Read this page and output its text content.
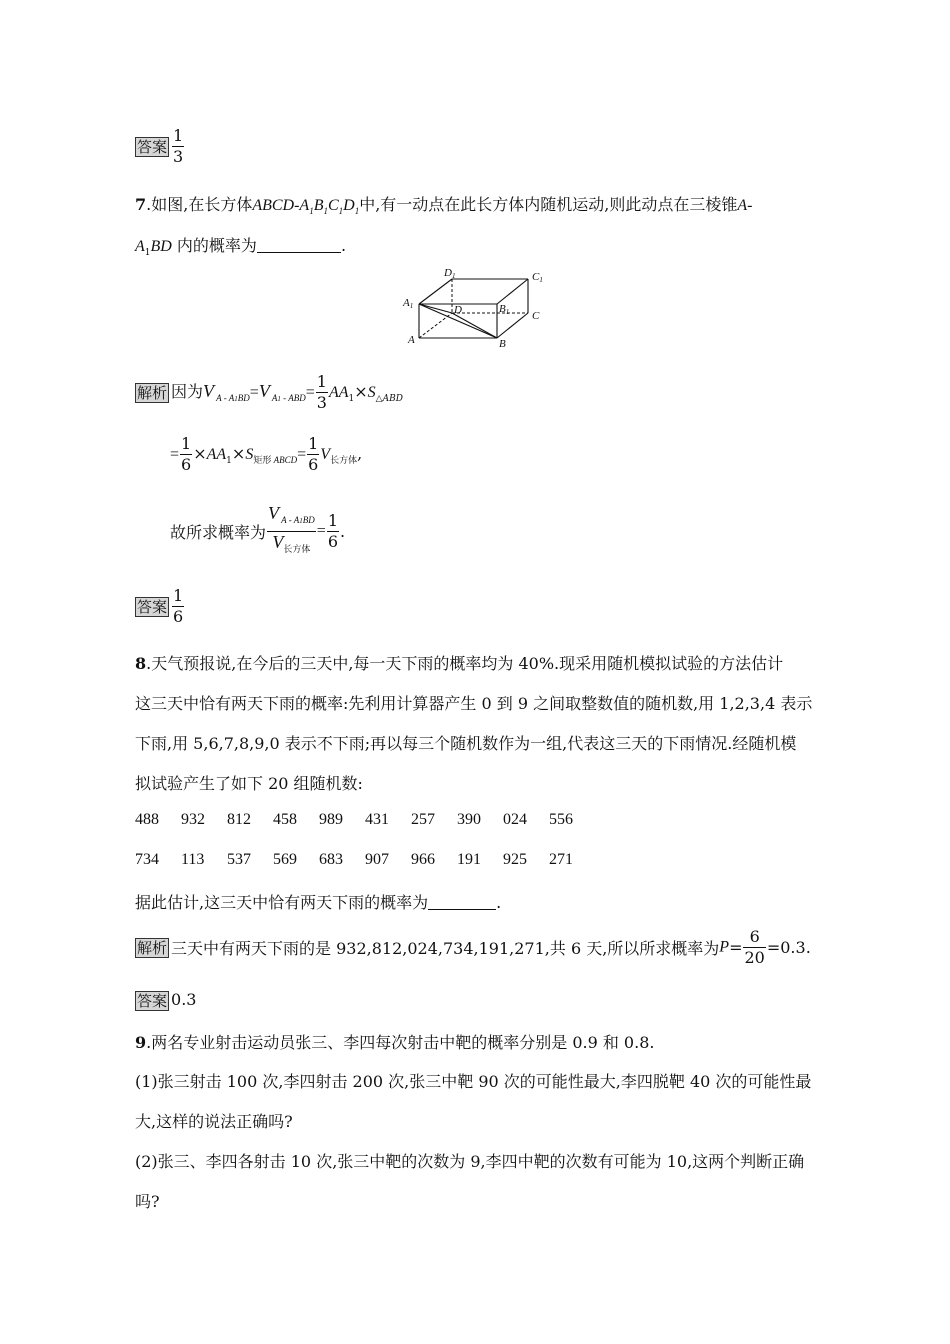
答案 $\frac{1}{3}$
7.如图,在长方体ABCD-$A_1B_1C_1D_1$中,有一动点在此长方体内随机运动,则此动点在三棱锥A-
$A_1BD$ 内的概率为	.
D1	C1
A1	D	B1 C
A	B
解析 因为V $_{A - A1BD}$=V $_{A1 - ABD}= \frac{1}{3} AA_1\times S_{\triangle ABD}$
= $\frac{1}{6} \times AA_1\times S_{矩形}$ $_{ABCD}= \frac{1}{6} V_{长方体}$,
故所求概率为 $\frac{V _{A - A1BD}}{V_{长方体}} = \frac{1}{6}$ .
答案 $\frac{1}{6}$
8.天气预报说,在今后的三天中,每一天下雨的概率均为 40%.现采用随机模拟试验的方法估计
这三天中恰有两天下雨的概率:先利用计算器产生 0 到 9 之间取整数值的随机数,用 1,2,3,4 表示
下雨,用 5,6,7,8,9,0 表示不下雨;再以每三个随机数作为一组,代表这三天的下雨情况.经随机模
拟试验产生了如下 20 组随机数:
488 932 812 458 989 431 257 390 024 556
734 113 537 569 683 907 966 191 925 271
据此估计,这三天中恰有两天下雨的概率为	.
解析 三天中有两天下雨的是 932,812,024,734,191,271,共 6 天,所以所求概率为$P= \frac{6}{20} =0.3$.
答案 0.3
9.两名专业射击运动员张三、李四每次射击中靶的概率分别是 0.9 和 0.8.
(1)张三射击 100 次,李四射击 200 次,张三中靶 90 次的可能性最大,李四脱靶 40 次的可能性最
大,这样的说法正确吗?
(2)张三、李四各射击 10 次,张三中靶的次数为 9,李四中靶的次数有可能为 10,这两个判断正确
吗?
